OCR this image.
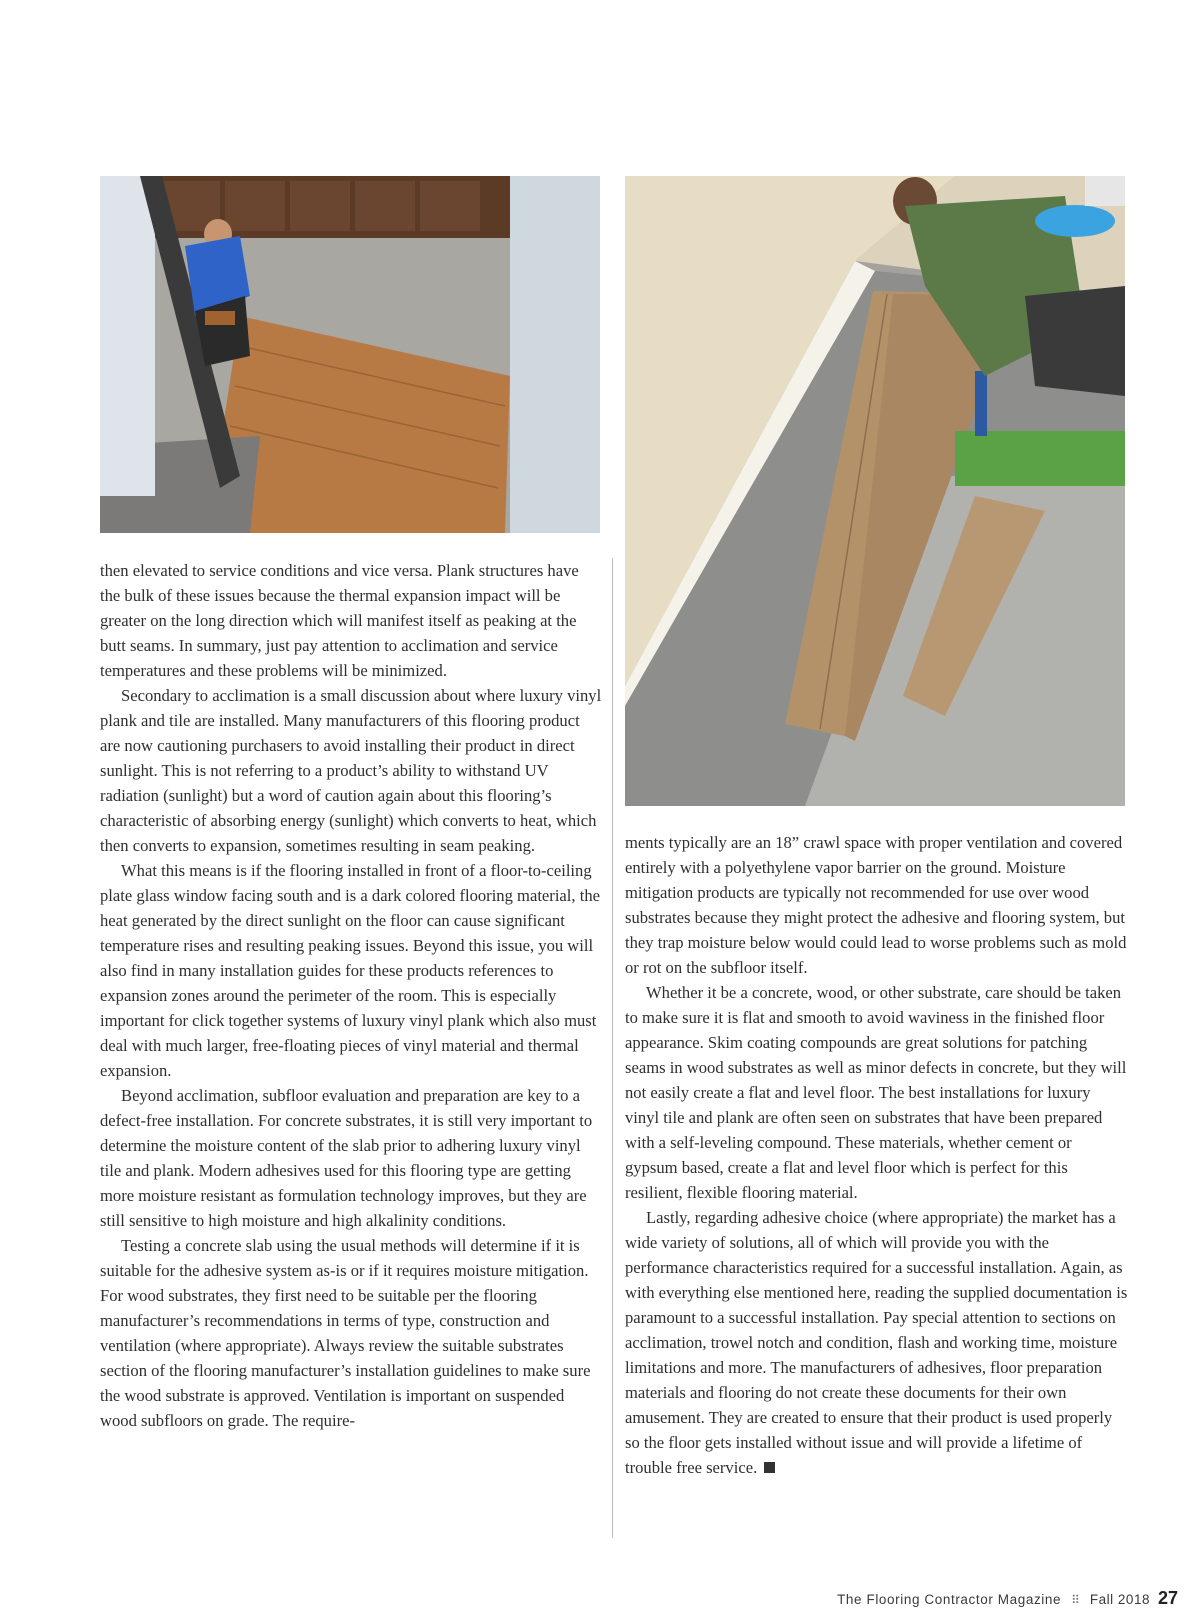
then elevated to service conditions and vice versa. Plank structures have the bulk of these issues because the thermal expansion impact will be greater on the long direction which will manifest itself as peaking at the butt seams. In summary, just pay attention to acclimation and service temperatures and these problems will be minimized.

Secondary to acclimation is a small discussion about where luxury vinyl plank and tile are installed. Many manufacturers of this flooring product are now cautioning purchasers to avoid installing their product in direct sunlight. This is not referring to a product’s ability to withstand UV radiation (sunlight) but a word of caution again about this flooring’s characteristic of absorbing energy (sunlight) which converts to heat, which then converts to expansion, sometimes resulting in seam peaking.

What this means is if the flooring installed in front of a floor-to-ceiling plate glass window facing south and is a dark colored flooring material, the heat generated by the direct sunlight on the floor can cause significant temperature rises and resulting peaking issues. Beyond this issue, you will also find in many installation guides for these products references to expansion zones around the perimeter of the room. This is especially important for click together systems of luxury vinyl plank which also must deal with much larger, free-floating pieces of vinyl material and thermal expansion.

Beyond acclimation, subfloor evaluation and preparation are key to a defect-free installation. For concrete substrates, it is still very important to determine the moisture content of the slab prior to adhering luxury vinyl tile and plank. Modern adhesives used for this flooring type are getting more moisture resistant as formulation technology improves, but they are still sensitive to high moisture and high alkalinity conditions.

Testing a concrete slab using the usual methods will determine if it is suitable for the adhesive system as-is or if it requires moisture mitigation. For wood substrates, they first need to be suitable per the flooring manufacturer’s recommendations in terms of type, construction and ventilation (where appropriate). Always review the suitable substrates section of the flooring manufacturer’s installation guidelines to make sure the wood substrate is approved. Ventilation is important on suspended wood subfloors on grade. The require-

ments typically are an 18” crawl space with proper ventilation and covered entirely with a polyethylene vapor barrier on the ground. Moisture mitigation products are typically not recommended for use over wood substrates because they might protect the adhesive and flooring system, but they trap moisture below would could lead to worse problems such as mold or rot on the subfloor itself.

Whether it be a concrete, wood, or other substrate, care should be taken to make sure it is flat and smooth to avoid waviness in the finished floor appearance. Skim coating compounds are great solutions for patching seams in wood substrates as well as minor defects in concrete, but they will not easily create a flat and level floor. The best installations for luxury vinyl tile and plank are often seen on substrates that have been prepared with a self-leveling compound. These materials, whether cement or gypsum based, create a flat and level floor which is perfect for this resilient, flexible flooring material.

Lastly, regarding adhesive choice (where appropriate) the market has a wide variety of solutions, all of which will provide you with the performance characteristics required for a successful installation. Again, as with everything else mentioned here, reading the supplied documentation is paramount to a successful installation. Pay special attention to sections on acclimation, trowel notch and condition, flash and working time, moisture limitations and more. The manufacturers of adhesives, floor preparation materials and flooring do not create these documents for their own amusement. They are created to ensure that their product is used properly so the floor gets installed without issue and will provide a lifetime of trouble free service.

The Flooring Contractor Magazine ⠿ Fall 2018 27
